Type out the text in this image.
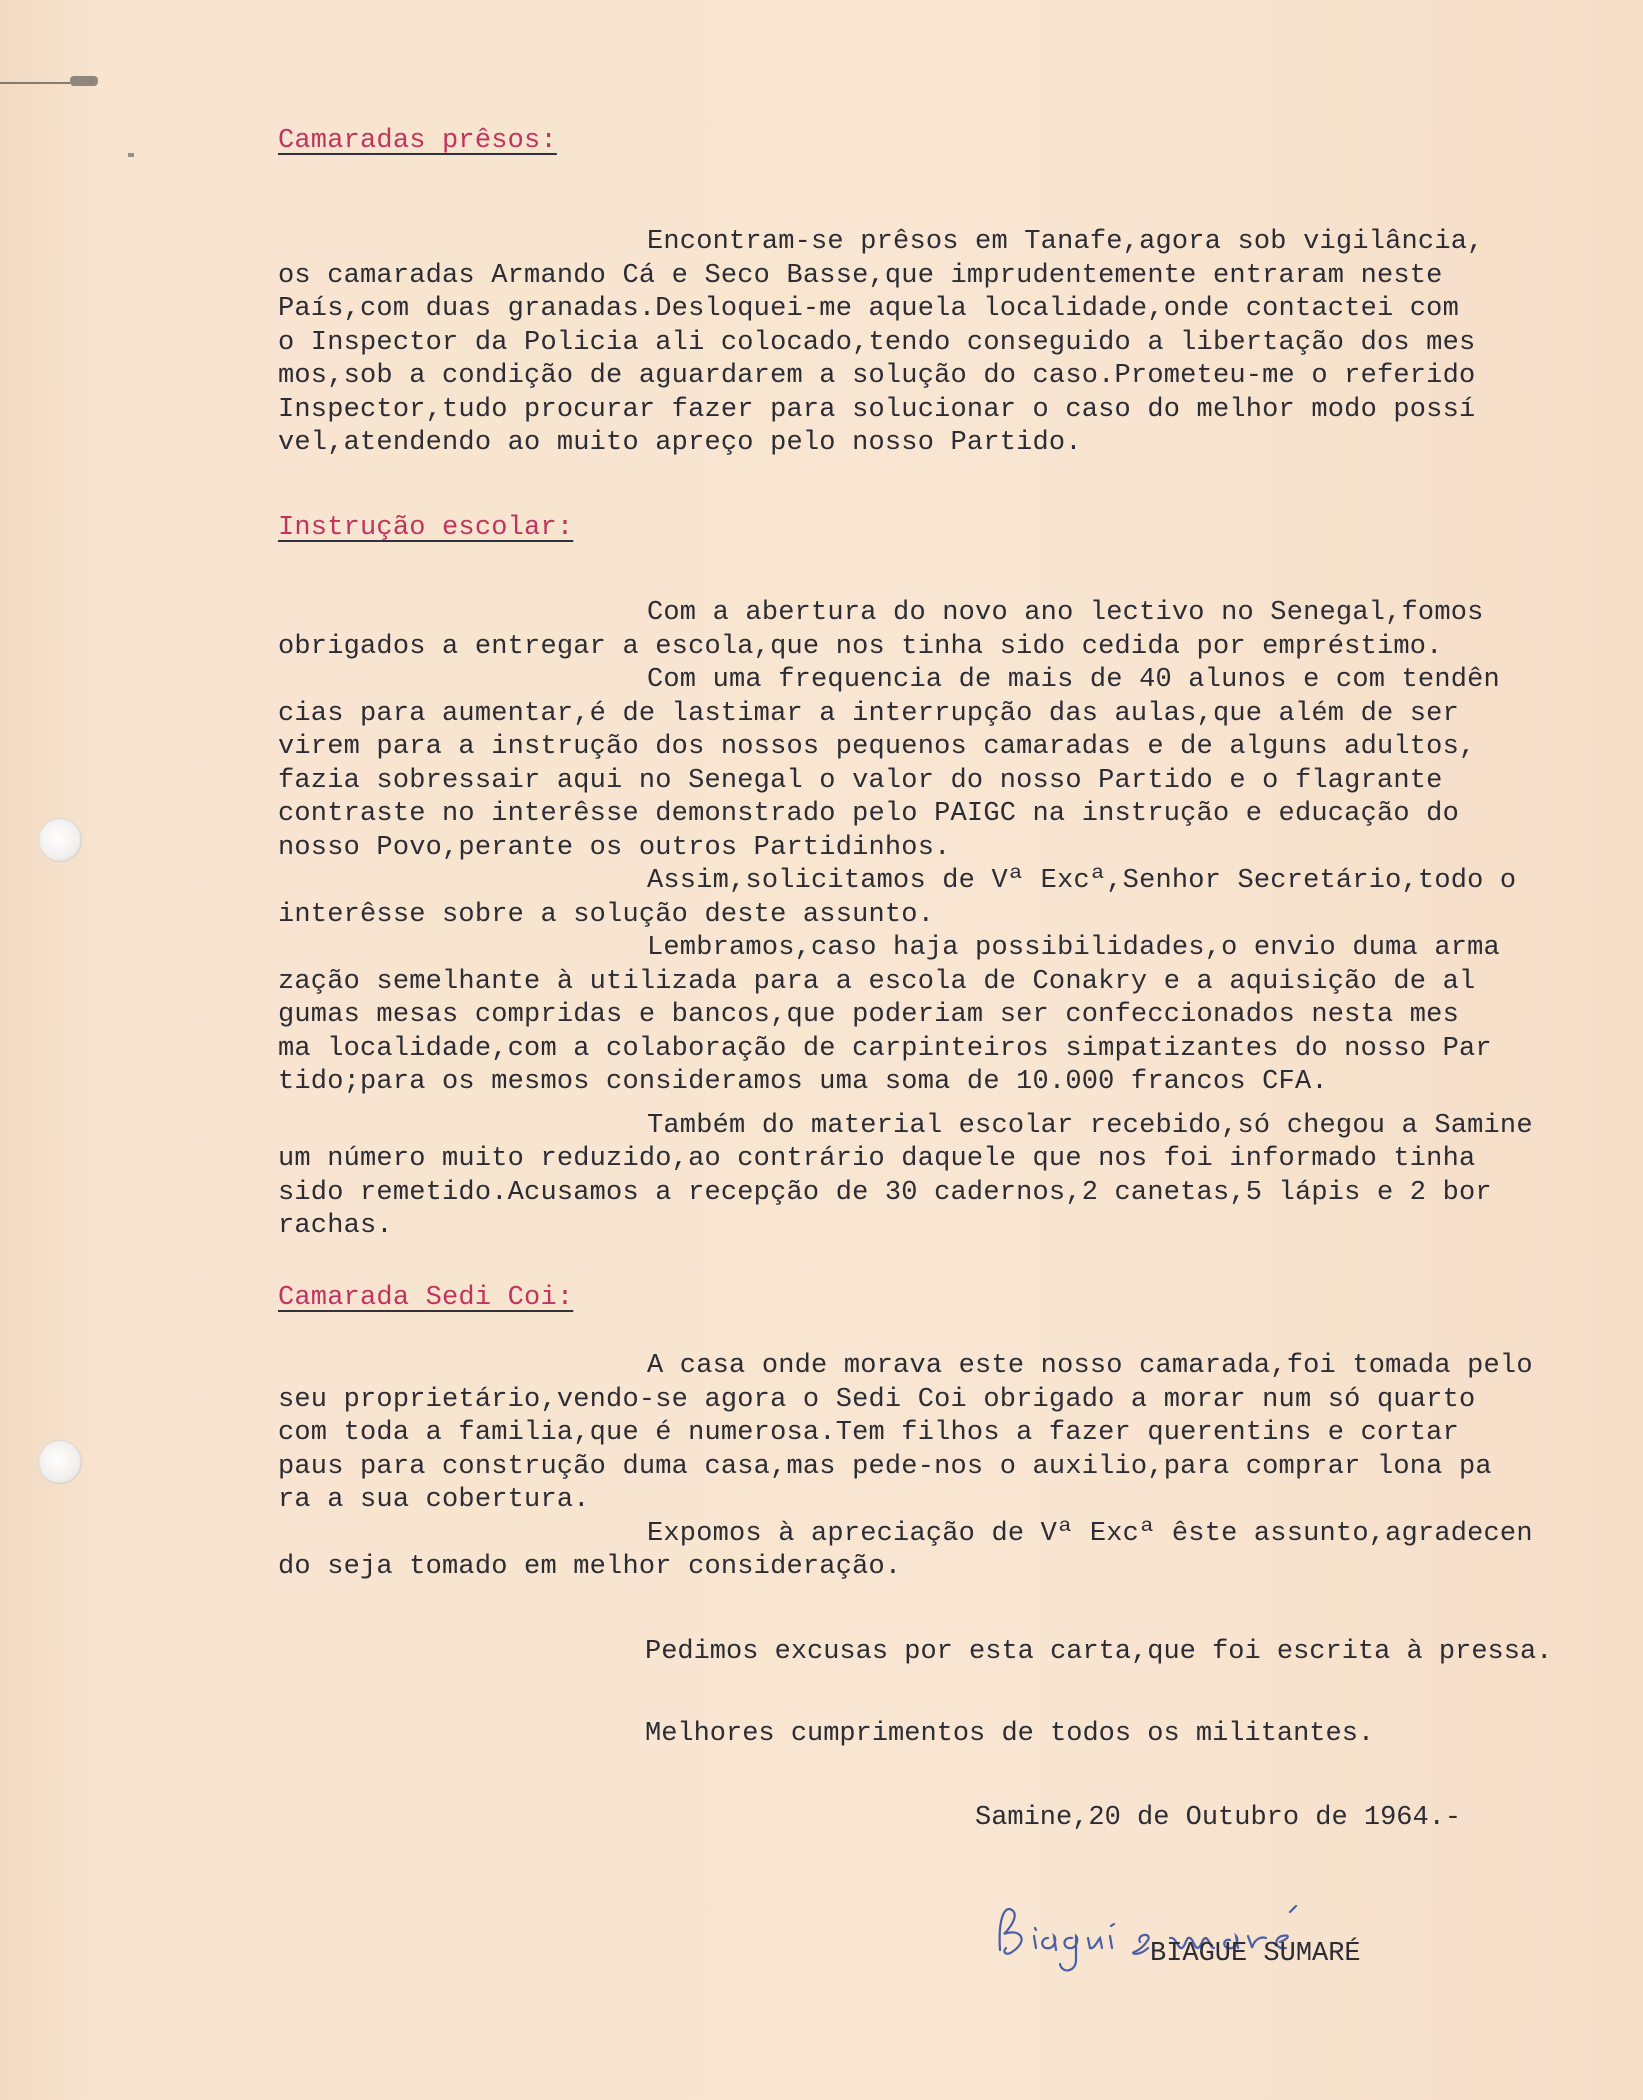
Camaradas prêsos:

Encontram-se prêsos em Tanafe,agora sob vigilância,

os camaradas Armando Cá e Seco Basse,que imprudentemente entraram neste

País,com duas granadas.Desloquei-me aquela localidade,onde contactei com

o Inspector da Policia ali colocado,tendo conseguido a libertação dos mes

mos,sob a condição de aguardarem a solução do caso.Prometeu-me o referido

Inspector,tudo procurar fazer para solucionar o caso do melhor modo possí

vel,atendendo ao muito apreço pelo nosso Partido.

Instrução escolar:

Com a abertura do novo ano lectivo no Senegal,fomos

obrigados a entregar a escola,que nos tinha sido cedida por empréstimo.

Com uma frequencia de mais de 40 alunos e com tendên

cias para aumentar,é de lastimar a interrupção das aulas,que além de ser

virem para a instrução dos nossos pequenos camaradas e de alguns adultos,

fazia sobressair aqui no Senegal o valor do nosso Partido e o flagrante

contraste no interêsse demonstrado pelo PAIGC na instrução e educação do

nosso Povo,perante os outros Partidinhos.

Assim,solicitamos de Vª Excª,Senhor Secretário,todo o

interêsse sobre a solução deste assunto.

Lembramos,caso haja possibilidades,o envio duma arma

zação semelhante à utilizada para a escola de Conakry e a aquisição de al

gumas mesas compridas e bancos,que poderiam ser confeccionados nesta mes

ma localidade,com a colaboração de carpinteiros simpatizantes do nosso Par

tido;para os mesmos consideramos uma soma de 10.000 francos CFA.

Também do material escolar recebido,só chegou a Samine

um número muito reduzido,ao contrário daquele que nos foi informado tinha

sido remetido.Acusamos a recepção de 30 cadernos,2 canetas,5 lápis e 2 bor

rachas.

Camarada Sedi Coi:

A casa onde morava este nosso camarada,foi tomada pelo

seu proprietário,vendo-se agora o Sedi Coi obrigado a morar num só quarto

com toda a familia,que é numerosa.Tem filhos a fazer querentins e cortar

paus para construção duma casa,mas pede-nos o auxilio,para comprar lona pa

ra a sua cobertura.

Expomos à apreciação de Vª Excª êste assunto,agradecen

do seja tomado em melhor consideração.

Pedimos excusas por esta carta,que foi escrita à pressa.
Melhores cumprimentos de todos os militantes.
Samine,20 de Outubro de 1964.-
BIAGUE SUMARÉ
